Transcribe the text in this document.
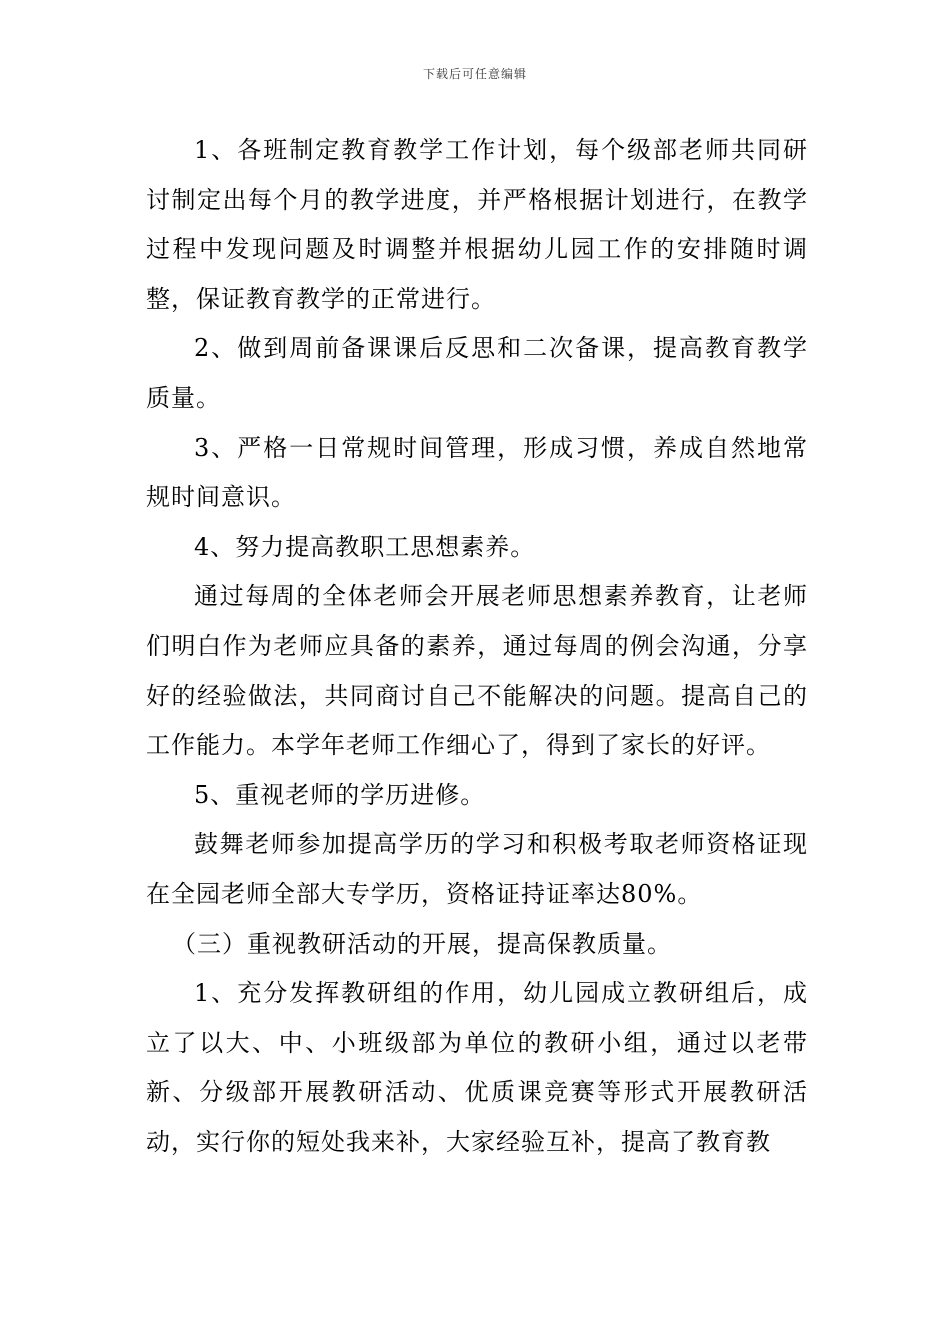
下载后可任意编辑

1、各班制定教育教学工作计划，每个级部老师共同研讨制定出每个月的教学进度，并严格根据计划进行，在教学过程中发现问题及时调整并根据幼儿园工作的安排随时调整，保证教育教学的正常进行。

2、做到周前备课课后反思和二次备课，提高教育教学质量。

3、严格一日常规时间管理，形成习惯，养成自然地常规时间意识。

4、努力提高教职工思想素养。

通过每周的全体老师会开展老师思想素养教育，让老师们明白作为老师应具备的素养，通过每周的例会沟通，分享好的经验做法，共同商讨自己不能解决的问题。提高自己的工作能力。本学年老师工作细心了，得到了家长的好评。

5、重视老师的学历进修。

鼓舞老师参加提高学历的学习和积极考取老师资格证现在全园老师全部大专学历，资格证持证率达80%。

（三）重视教研活动的开展，提高保教质量。

1、充分发挥教研组的作用，幼儿园成立教研组后，成立了以大、中、小班级部为单位的教研小组，通过以老带新、分级部开展教研活动、优质课竞赛等形式开展教研活动，实行你的短处我来补，大家经验互补，提高了教育教
